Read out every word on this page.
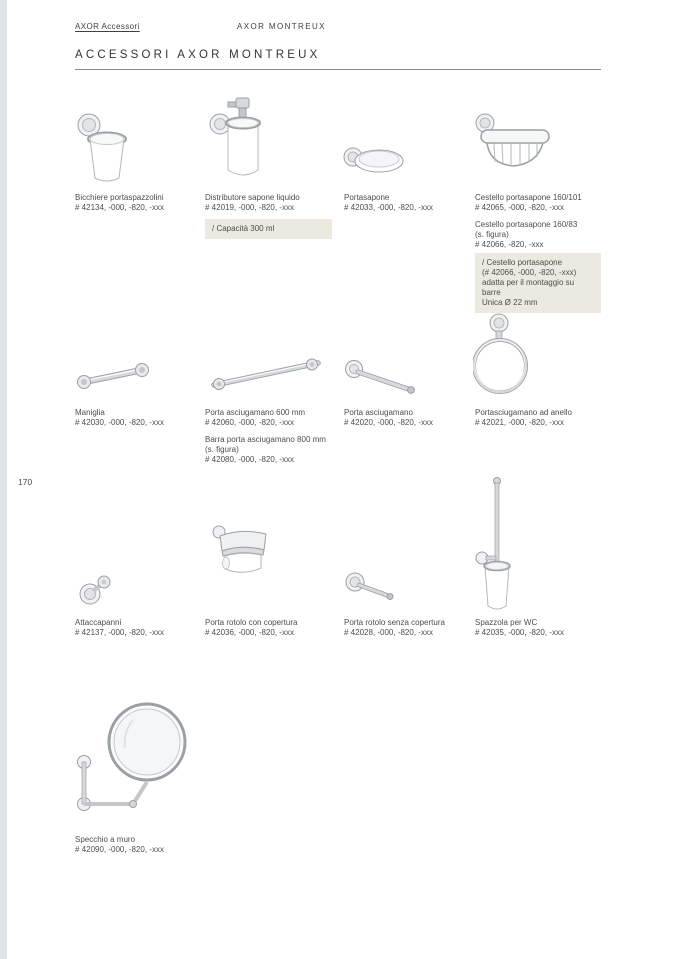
AXOR Accessori	AXOR MONTREUX
ACCESSORI AXOR MONTREUX
Bicchiere portaspazzolini
# 42134, -000, -820, -xxx
Distributore sapone liquido
# 42019, -000, -820, -xxx
Portasapone
# 42033, -000, -820, -xxx
Cestello portasapone 160/101
# 42065, -000, -820, -xxx
Cestello portasapone 160/83
(s. figura)
# 42066, -820, -xxx
/ Capacità 300 ml
/ Cestello portasapone
(# 42066, -000, -820, -xxx)
adatta per il montaggio su barre
Unica Ø 22 mm
Maniglia
# 42030, -000, -820, -xxx
Porta asciugamano 600 mm
# 42060, -000, -820, -xxx
Barra porta asciugamano 800 mm
(s. figura)
# 42080, -000, -820, -xxx
Porta asciugamano
# 42020, -000, -820, -xxx
Portasciugamano ad anello
# 42021, -000, -820, -xxx
170
Attaccapanni
# 42137, -000, -820, -xxx
Porta rotolo con copertura
# 42036, -000, -820, -xxx
Porta rotolo senza copertura
# 42028, -000, -820, -xxx
Spazzola per WC
# 42035, -000, -820, -xxx
Specchio a muro
# 42090, -000, -820, -xxx
